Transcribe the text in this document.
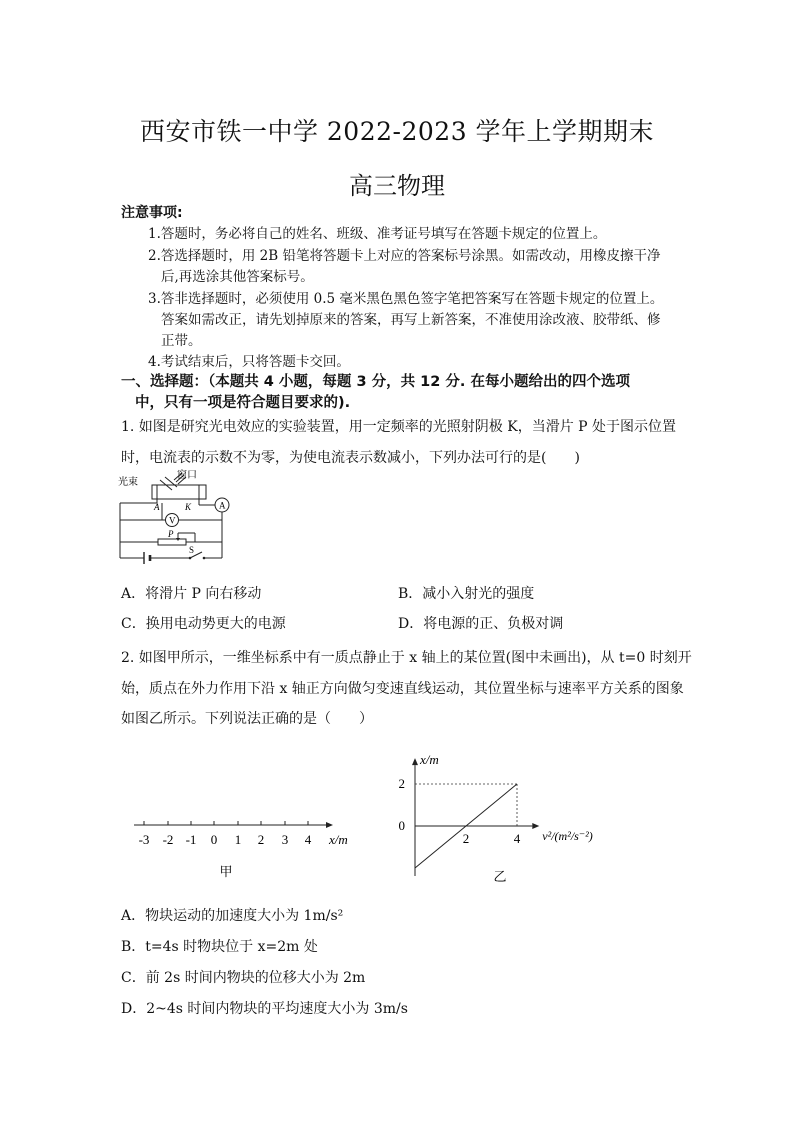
西安市铁一中学 2022-2023 学年上学期期末
高三物理
注意事项:
1.答题时，务必将自己的姓名、班级、准考证号填写在答题卡规定的位置上。
2.答选择题时，用 2B 铅笔将答题卡上对应的答案标号涂黑。如需改动，用橡皮擦干净
后,再选涂其他答案标号。
3.答非选择题时，必须使用 0.5 毫米黑色黑色签字笔把答案写在答题卡规定的位置上。
答案如需改正，请先划掉原来的答案，再写上新答案，不准使用涂改液、胶带纸、修
正带。
4.考试结束后，只将答题卡交回。
一、选择题：（本题共 4 小题，每题 3 分，共 12 分. 在每小题给出的四个选项
中，只有一项是符合题目要求的).
1. 如图是研究光电效应的实验装置，用一定频率的光照射阴极 K，当滑片 P 处于图示位置
时，电流表的示数不为零，为使电流表示数减小，下列办法可行的是(　　)
光束
窗口
A	K	A
V
P
S
A．将滑片 P 向右移动	B．减小入射光的强度
C．换用电动势更大的电源	D．将电源的正、负极对调
2. 如图甲所示，一维坐标系中有一质点静止于 x 轴上的某位置(图中未画出)，从 t=0 时刻开
始，质点在外力作用下沿 x 轴正方向做匀变速直线运动，其位置坐标与速率平方关系的图象
如图乙所示。下列说法正确的是（　　）
-3 -2 -1 0 1 2 3 4 x/m
甲
2	4
0
2
x/m
v²/(m²/s⁻²)
乙
A．物块运动的加速度大小为 1m/s²
B．t=4s 时物块位于 x=2m 处
C．前 2s 时间内物块的位移大小为 2m
D．2~4s 时间内物块的平均速度大小为 3m/s
